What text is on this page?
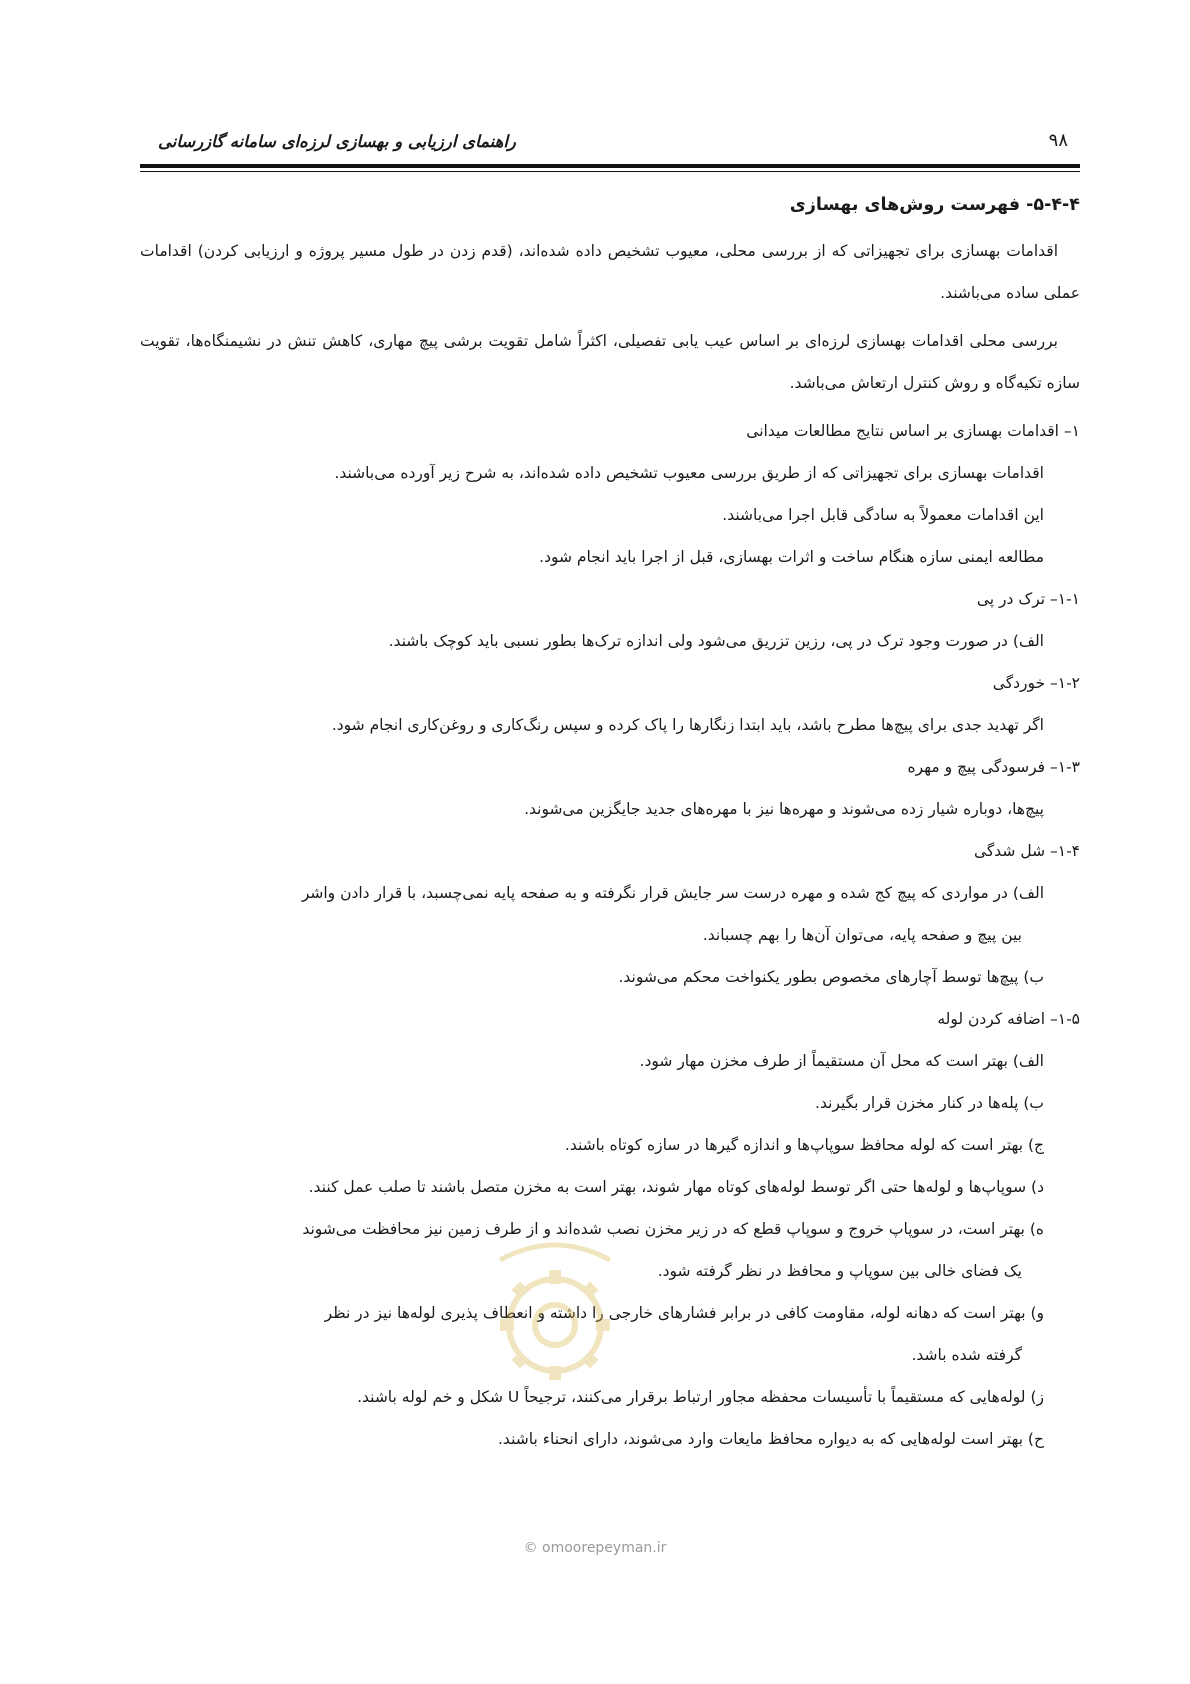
راهنمای ارزیابی و بهسازی لرزه‌ای سامانه گازرسانی	۹۸
۵-۴-۴- فهرست روش‌های بهسازی

اقدامات بهسازی برای تجهیزاتی که از بررسی محلی، معیوب تشخیص داده شده‌اند، (قدم زدن در طول مسیر پروژه و ارزیابی کردن) اقدامات عملی ساده می‌باشند.

بررسی محلی اقدامات بهسازی لرزه‌ای بر اساس عیب یابی تفصیلی، اکثراً شامل تقویت برشی پیچ مهاری، کاهش تنش در نشیمنگاه‌ها، تقویت سازه تکیه‌گاه و روش کنترل ارتعاش می‌باشد.

۱– اقدامات بهسازی بر اساس نتایج مطالعات میدانی

اقدامات بهسازی برای تجهیزاتی که از طریق بررسی معیوب تشخیص داده شده‌اند، به شرح زیر آورده می‌باشند.

این اقدامات معمولاً به سادگی قابل اجرا می‌باشند.

مطالعه ایمنی سازه هنگام ساخت و اثرات بهسازی، قبل از اجرا باید انجام شود.

۱-۱– ترک در پی

الف) در صورت وجود ترک در پی، رزین تزریق می‌شود ولی اندازه ترک‌ها بطور نسبی باید کوچک باشند.

۱-۲– خوردگی

اگر تهدید جدی برای پیچ‌ها مطرح باشد، باید ابتدا زنگارها را پاک کرده و سپس رنگ‌کاری و روغن‌کاری انجام شود.

۱-۳– فرسودگی پیچ و مهره

پیچ‌ها، دوباره شیار زده می‌شوند و مهره‌ها نیز با مهره‌های جدید جایگزین می‌شوند.

۱-۴– شل شدگی

الف) در مواردی که پیچ کج شده و مهره درست سر جایش قرار نگرفته و به صفحه پایه نمی‌چسبد، با قرار دادن واشر

بین پیچ و صفحه پایه، می‌توان آن‌ها را بهم چسباند.

ب) پیچ‌ها توسط آچارهای مخصوص بطور یکنواخت محکم می‌شوند.

۱-۵– اضافه کردن لوله

الف) بهتر است که محل آن مستقیماً از طرف مخزن مهار شود.

ب) پله‌ها در کنار مخزن قرار بگیرند.

ج) بهتر است که لوله محافظ سوپاپ‌ها و اندازه گیرها در سازه کوتاه باشند.

د) سوپاپ‌ها و لوله‌ها حتی اگر توسط لوله‌های کوتاه مهار شوند، بهتر است به مخزن متصل باشند تا صلب عمل کنند.

ه) بهتر است، در سوپاپ خروج و سوپاپ قطع که در زیر مخزن نصب شده‌اند و از طرف زمین نیز محافظت می‌شوند

یک فضای خالی بین سوپاپ و محافظ در نظر گرفته شود.

و) بهتر است که دهانه لوله، مقاومت کافی در برابر فشارهای خارجی را داشته و انعطاف پذیری لوله‌ها نیز در نظر

گرفته شده باشد.

ز) لوله‌هایی که مستقیماً با تأسیسات محفظه مجاور ارتباط برقرار می‌کنند، ترجیحاً U شکل و خم لوله باشند.

ح) بهتر است لوله‌هایی که به دیواره محافظ مایعات وارد می‌شوند، دارای انحناء باشند.

© omoorepeyman.ir
